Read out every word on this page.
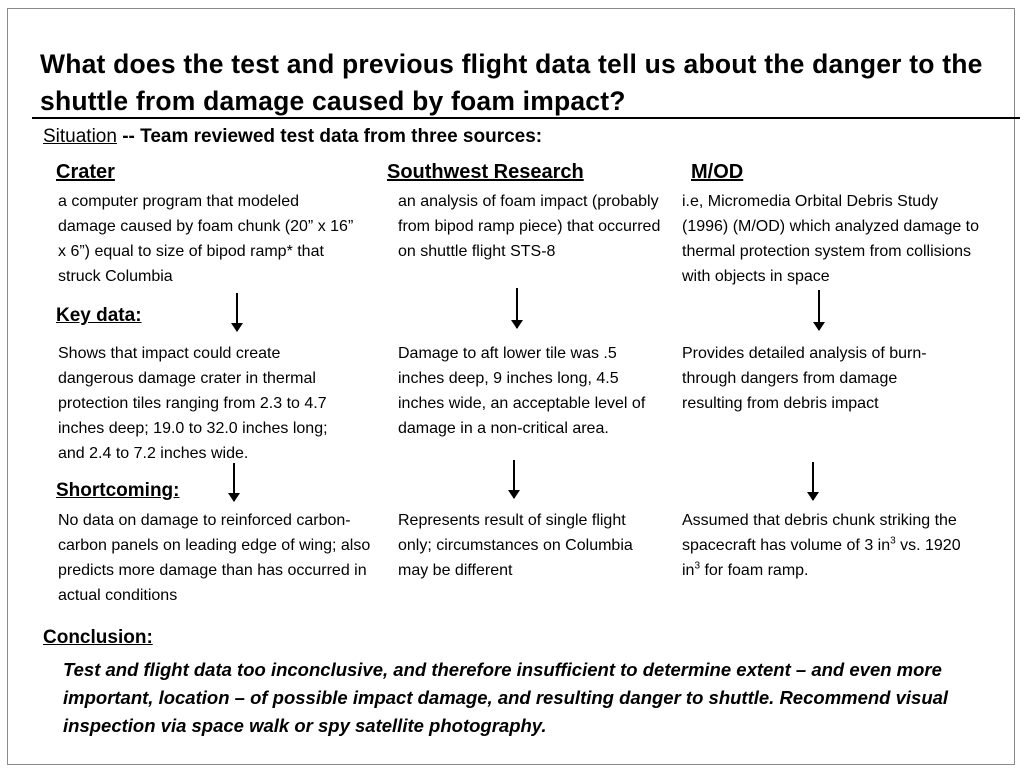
What does the test and previous flight data tell us about the danger to the shuttle from damage caused by foam impact?
Situation -- Team reviewed test data from three sources:
Crater
a computer program that modeled damage caused by foam chunk (20” x 16” x 6”) equal to size of bipod ramp* that struck Columbia
Key data:
Shows that impact could create dangerous damage crater in thermal protection tiles ranging from 2.3 to 4.7 inches deep; 19.0 to 32.0 inches long; and 2.4 to 7.2 inches wide.
Shortcoming:
No data on damage to reinforced carbon-carbon panels on leading edge of wing; also predicts more damage than has occurred in actual conditions
Southwest Research
an analysis of foam impact (probably from bipod ramp piece) that occurred on shuttle flight STS-8
Damage to aft lower tile was .5 inches deep, 9 inches long, 4.5 inches wide, an acceptable level of damage in a non-critical area.
Represents result of single flight only; circumstances on Columbia may be different
M/OD
i.e, Micromedia Orbital Debris Study (1996) (M/OD) which analyzed damage to thermal protection system from collisions with objects in space
Provides detailed analysis of burn-through dangers from damage resulting from debris impact
Assumed that debris chunk striking the spacecraft has volume of 3 $in^3$ vs. 1920 $in^3$ for foam ramp.
Conclusion:
Test and flight data too inconclusive, and therefore insufficient to determine extent – and even more important, location – of possible impact damage, and resulting danger to shuttle. Recommend visual inspection via space walk or spy satellite photography.
